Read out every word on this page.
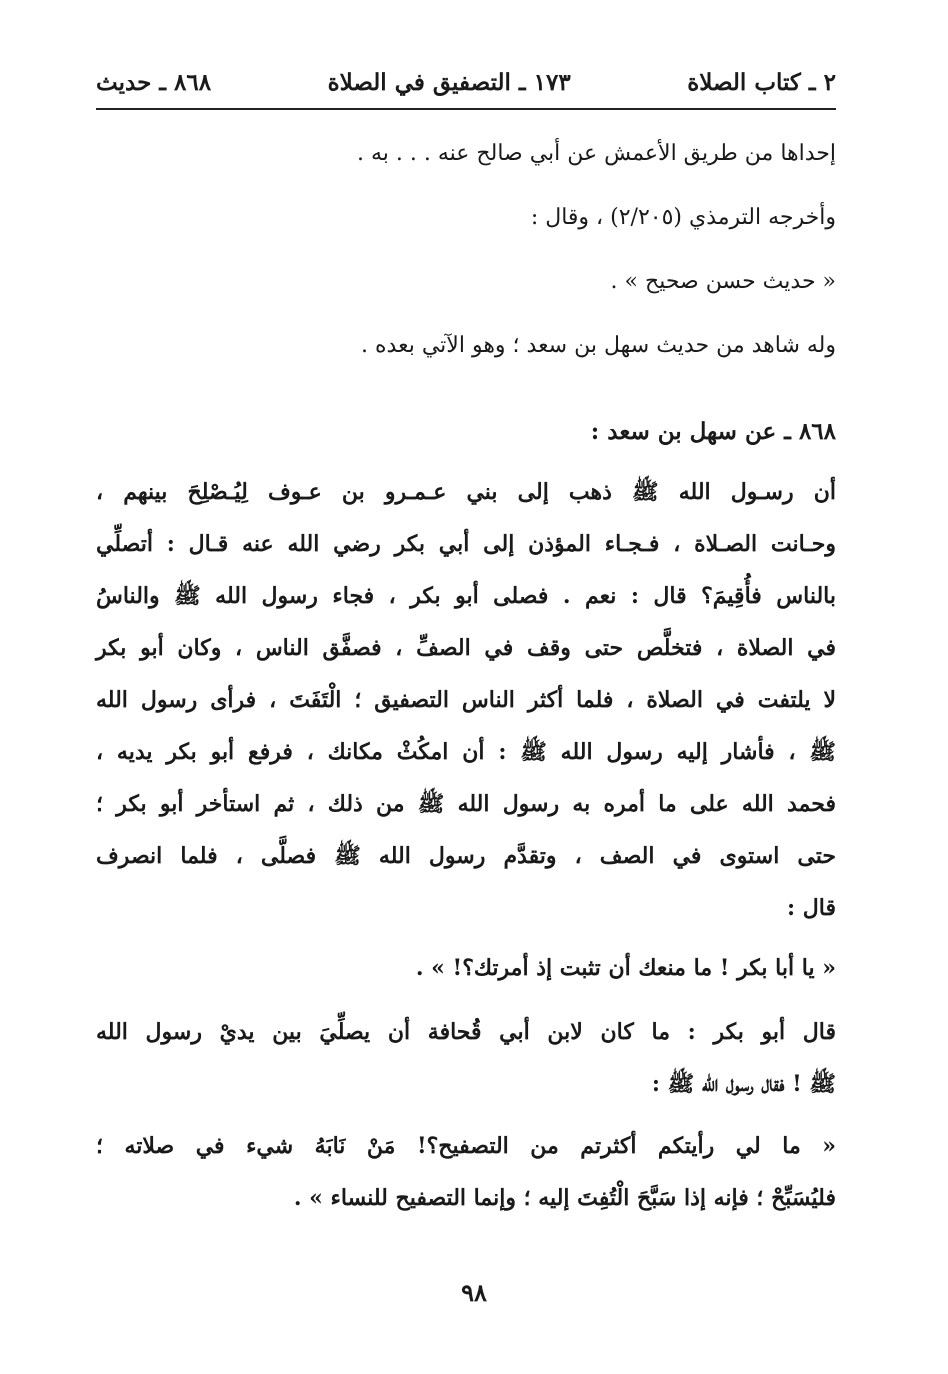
٢ ـ كتاب الصلاة
١٧٣ ـ التصفيق في الصلاة
٨٦٨ ـ حديث

إحداها من طريق الأعمش عن أبي صالح عنه . . . به .

وأخرجه الترمذي (٢/٢٠٥) ، وقال :

« حديث حسن صحيح » .

وله شاهد من حديث سهل بن سعد ؛ وهو الآتي بعده .

٨٦٨ ـ عن سهل بن سعد :
أن رسـول الله ﷺ ذهب إلى بني عـمـرو بن عـوف لِيُـصْلِحَ بينهم ،
وحـانت الصـلاة ، فـجـاء المؤذن إلى أبي بكر رضي الله عنه قـال : أتصلِّي
بالناس فأُقِيمَ؟ قال : نعم . فصلى أبو بكر ، فجاء رسول الله ﷺ والناسُ
في الصلاة ، فتخلَّص حتى وقف في الصفِّ ، فصفَّق الناس ، وكان أبو بكر
لا يلتفت في الصلاة ، فلما أكثر الناس التصفيق ؛ الْتَفَتَ ، فرأى رسول الله
ﷺ ، فأشار إليه رسول الله ﷺ : أن امكُثْ مكانك ، فرفع أبو بكر يديه ،
فحمد الله على ما أمره به رسول الله ﷺ من ذلك ، ثم استأخر أبو بكر ؛
حتى استوى في الصف ، وتقدَّم رسول الله ﷺ فصلَّى ، فلما انصرف
قال :
« يا أبا بكر ! ما منعك أن تثبت إذ أمرتك؟! » .
قال أبو بكر : ما كان لابن أبي قُحافة أن يصلِّيَ بين يديْ رسول الله
ﷺ ! فقال رسول الله ﷺ :
« ما لي رأيتكم أكثرتم من التصفيح؟! مَنْ نَابَهُ شيء في صلاته ؛
فليُسَبِّحْ ؛ فإنه إذا سَبَّحَ الْتُفِتَ إليه ؛ وإنما التصفيح للنساء » .
٩٨
